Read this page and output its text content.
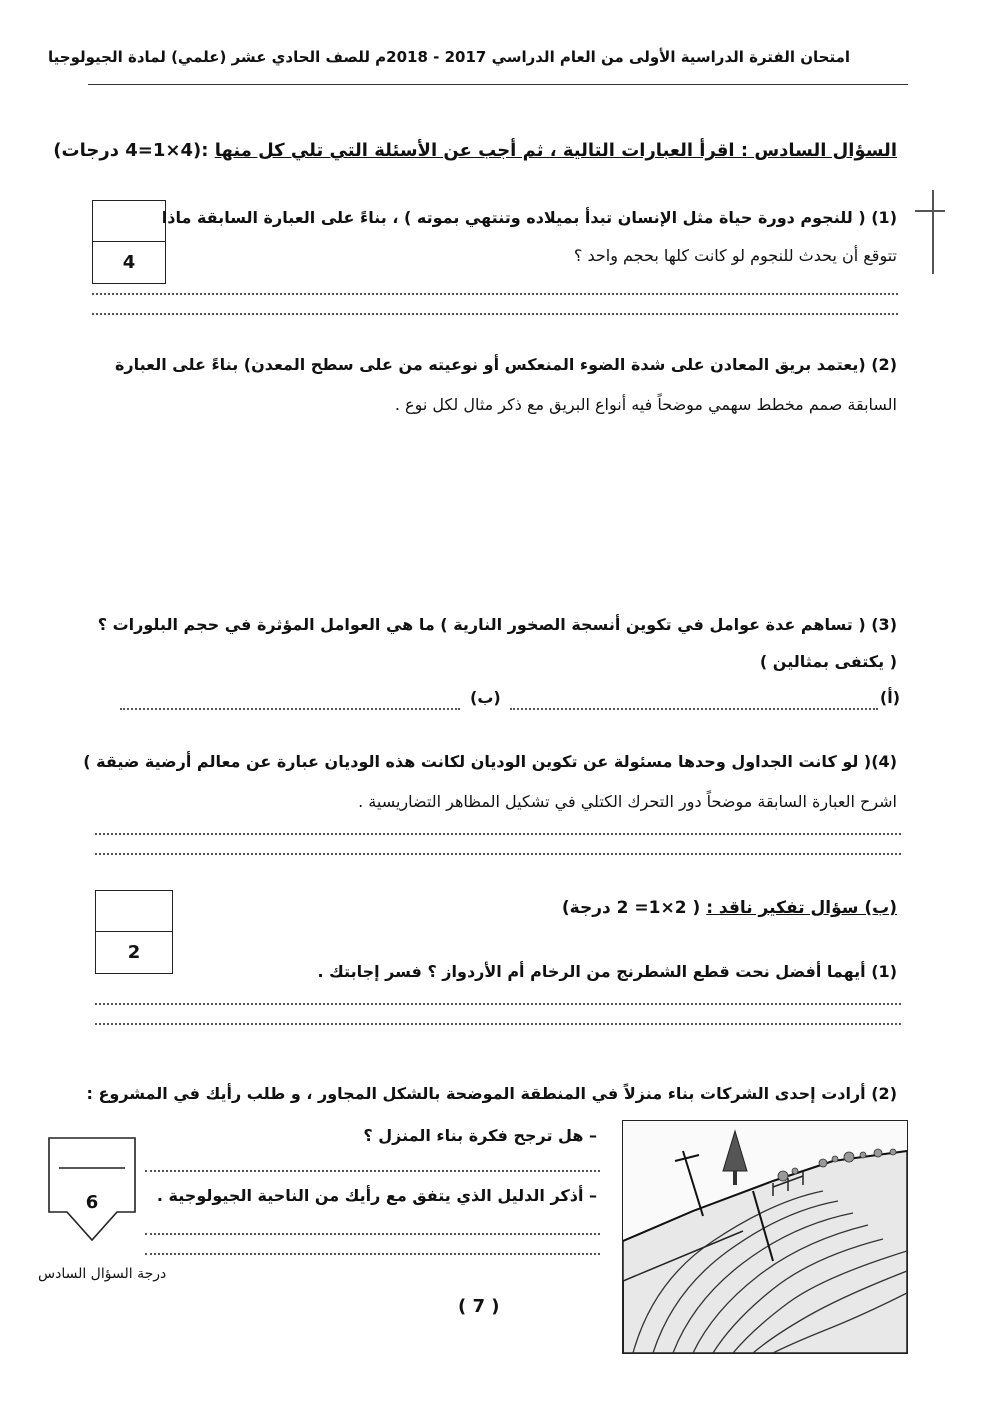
امتحان الفترة الدراسية الأولى من العام الدراسي 2017 - 2018م للصف الحادي عشر (علمي) لمادة الجيولوجيا
السؤال السادس : اقرأ العبارات التالية ، ثم أجب عن الأسئلة التي تلي كل منها :(4×1=4 درجات)
4
(1) ( للنجوم دورة حياة مثل الإنسان تبدأ بميلاده وتنتهي بموته ) ، بناءً على العبارة السابقة ماذا
تتوقع أن يحدث للنجوم لو كانت كلها بحجم واحد ؟
(2) (يعتمد بريق المعادن على شدة الضوء المنعكس أو نوعيته من على سطح المعدن) بناءً على العبارة
السابقة صمم مخطط سهمي موضحاً فيه أنواع البريق مع ذكر مثال لكل نوع .
(3) ( تساهم عدة عوامل في تكوين أنسجة الصخور النارية ) ما هي العوامل المؤثرة في حجم البلورات ؟
( يكتفى بمثالين )
(أ)
(ب)
(4)( لو كانت الجداول وحدها مسئولة عن تكوين الوديان لكانت هذه الوديان عبارة عن معالم أرضية ضيقة )
اشرح العبارة السابقة موضحاً دور التحرك الكتلي في تشكيل المظاهر التضاريسية .
2
(ب) سؤال تفكير ناقد : ( 2×1= 2 درجة)
(1) أيهما أفضل نحت قطع الشطرنج من الرخام أم الأردواز ؟ فسر إجابتك .
(2) أرادت إحدى الشركات بناء منزلاً في المنطقة الموضحة بالشكل المجاور ، و طلب رأيك في المشروع :
– هل ترجح فكرة بناء المنزل ؟
– أذكر الدليل الذي يتفق مع رأيك من الناحية الجيولوجية .
6
درجة السؤال السادس
( 7 )
